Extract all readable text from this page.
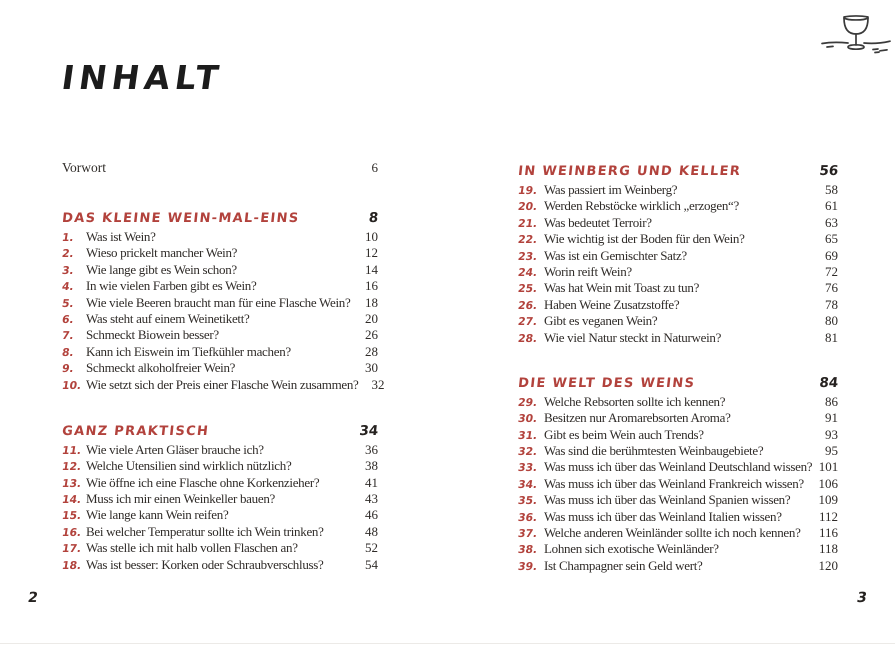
INHALT
Vorwort	6
DAS KLEINE WEIN-MAL-EINS	8
1. Was ist Wein?	10
2. Wieso prickelt mancher Wein?	12
3. Wie lange gibt es Wein schon?	14
4. In wie vielen Farben gibt es Wein?	16
5. Wie viele Beeren braucht man für eine Flasche Wein?	18
6. Was steht auf einem Weinetikett?	20
7. Schmeckt Biowein besser?	26
8. Kann ich Eiswein im Tiefkühler machen?	28
9. Schmeckt alkoholfreier Wein?	30
10. Wie setzt sich der Preis einer Flasche Wein zusammen?	32
GANZ PRAKTISCH	34
11. Wie viele Arten Gläser brauche ich?	36
12. Welche Utensilien sind wirklich nützlich?	38
13. Wie öffne ich eine Flasche ohne Korkenzieher?	41
14. Muss ich mir einen Weinkeller bauen?	43
15. Wie lange kann Wein reifen?	46
16. Bei welcher Temperatur sollte ich Wein trinken?	48
17. Was stelle ich mit halb vollen Flaschen an?	52
18. Was ist besser: Korken oder Schraubverschluss?	54
IN WEINBERG UND KELLER	56
19. Was passiert im Weinberg?	58
20. Werden Rebstöcke wirklich „erzogen“?	61
21. Was bedeutet Terroir?	63
22. Wie wichtig ist der Boden für den Wein?	65
23. Was ist ein Gemischter Satz?	69
24. Worin reift Wein?	72
25. Was hat Wein mit Toast zu tun?	76
26. Haben Weine Zusatzstoffe?	78
27. Gibt es veganen Wein?	80
28. Wie viel Natur steckt in Naturwein?	81
DIE WELT DES WEINS	84
29. Welche Rebsorten sollte ich kennen?	86
30. Besitzen nur Aromarebsorten Aroma?	91
31. Gibt es beim Wein auch Trends?	93
32. Was sind die berühmtesten Weinbaugebiete?	95
33. Was muss ich über das Weinland Deutschland wissen? 101
34. Was muss ich über das Weinland Frankreich wissen?	106
35. Was muss ich über das Weinland Spanien wissen?	109
36. Was muss ich über das Weinland Italien wissen?	112
37. Welche anderen Weinländer sollte ich noch kennen?	116
38. Lohnen sich exotische Weinländer?	118
39. Ist Champagner sein Geld wert?	120
2	3
